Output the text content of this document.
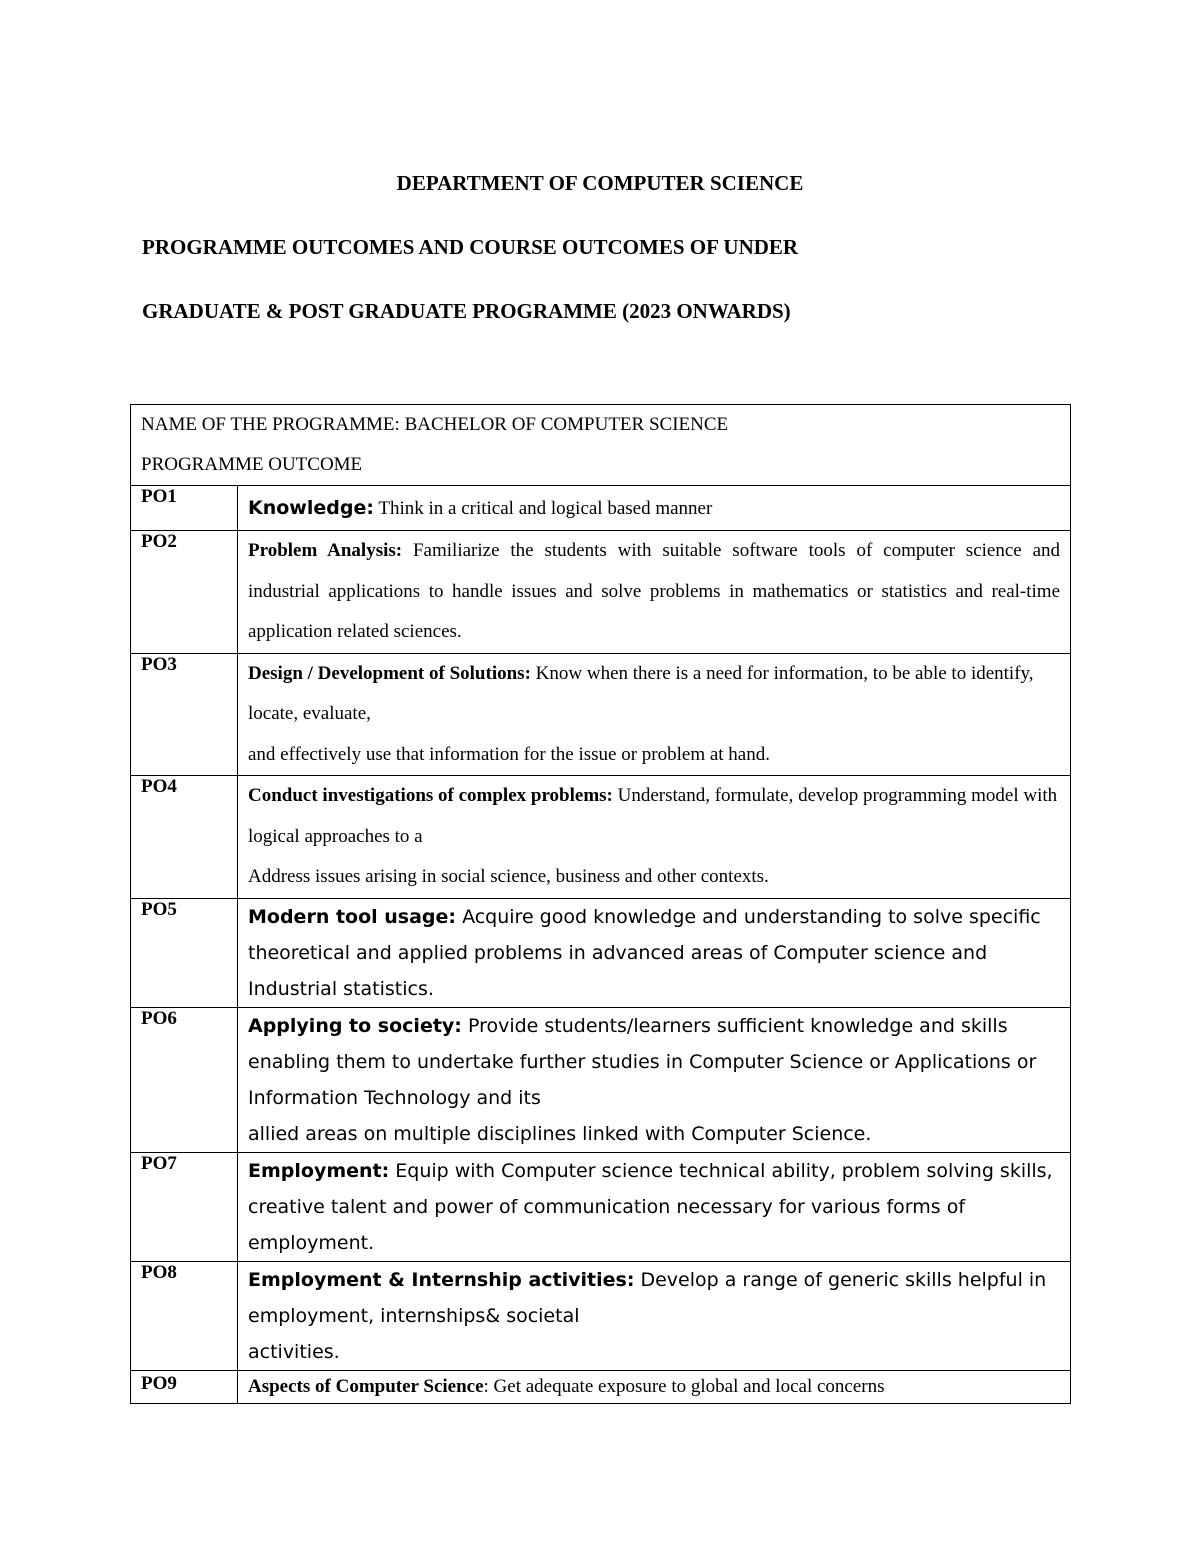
DEPARTMENT OF COMPUTER SCIENCE
PROGRAMME OUTCOMES AND COURSE OUTCOMES OF UNDER
GRADUATE & POST GRADUATE PROGRAMME (2023 ONWARDS)
NAME OF THE PROGRAMME: BACHELOR OF COMPUTER SCIENCE
PROGRAMME OUTCOME	

PO1	Knowledge: Think in a critical and logical based manner
PO2	Problem Analysis: Familiarize the students with suitable software tools of computer science and industrial applications to handle issues and solve problems in mathematics or statistics and real-time application related sciences.
PO3	Design / Development of Solutions: Know when there is a need for information, to be able to identify, locate, evaluate,
and effectively use that information for the issue or problem at hand.

PO4	Conduct investigations of complex problems: Understand, formulate, develop programming model with logical approaches to a
Address issues arising in social science, business and other contexts.

PO5	Modern tool usage: Acquire good knowledge and understanding to solve specific theoretical and applied problems in advanced areas of Computer science and Industrial statistics.
PO6	Applying to society: Provide students/learners sufficient knowledge and skills enabling them to undertake further studies in Computer Science or Applications or Information Technology and its
allied areas on multiple disciplines linked with Computer Science.

PO7	Employment: Equip with Computer science technical ability, problem solving skills, creative talent and power of communication necessary for various forms of employment.
PO8	Employment & Internship activities: Develop a range of generic skills helpful in employment, internships& societal
activities.

PO9	Aspects of Computer Science: Get adequate exposure to global and local concerns
